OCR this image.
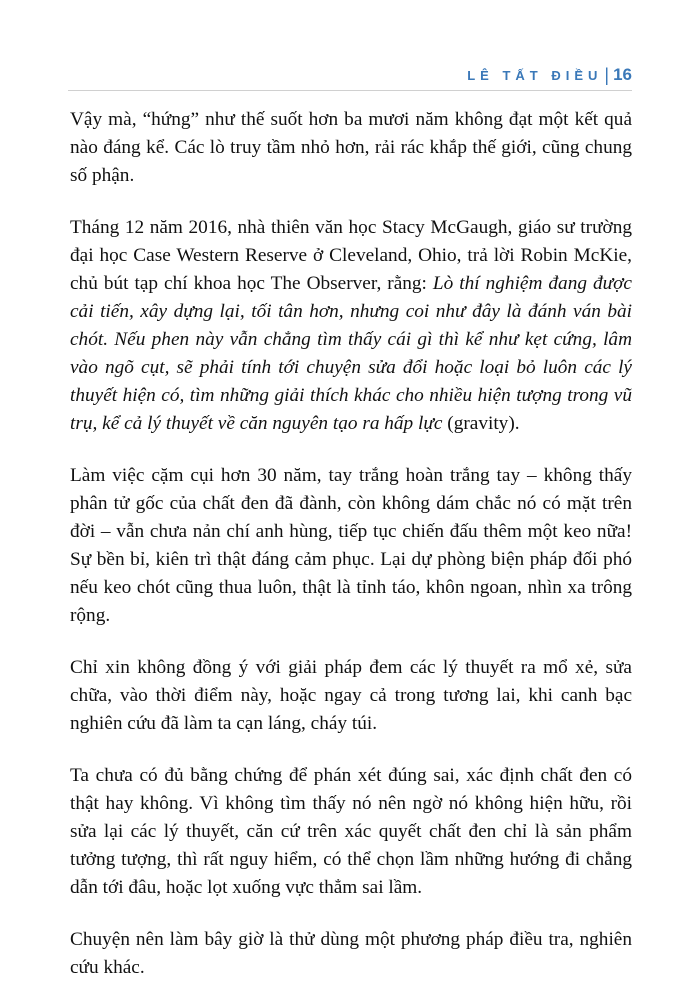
LÊ TẤT ĐIỀU | 16

Vậy mà, “hứng” như thế suốt hơn ba mươi năm không đạt một kết quả nào đáng kể. Các lò truy tầm nhỏ hơn, rải rác khắp thế giới, cũng chung số phận.

Tháng 12 năm 2016, nhà thiên văn học Stacy McGaugh, giáo sư trường đại học Case Western Reserve ở Cleveland, Ohio, trả lời Robin McKie, chủ bút tạp chí khoa học The Observer, rằng: Lò thí nghiệm đang được cải tiến, xây dựng lại, tối tân hơn, nhưng coi như đây là đánh ván bài chót. Nếu phen này vẫn chẳng tìm thấy cái gì thì kể như kẹt cứng, lâm vào ngõ cụt, sẽ phải tính tới chuyện sửa đổi hoặc loại bỏ luôn các lý thuyết hiện có, tìm những giải thích khác cho nhiều hiện tượng trong vũ trụ, kể cả lý thuyết về căn nguyên tạo ra hấp lực (gravity).

Làm việc cặm cụi hơn 30 năm, tay trắng hoàn trắng tay – không thấy phân tử gốc của chất đen đã đành, còn không dám chắc nó có mặt trên đời – vẫn chưa nản chí anh hùng, tiếp tục chiến đấu thêm một keo nữa! Sự bền bỉ, kiên trì thật đáng cảm phục. Lại dự phòng biện pháp đối phó nếu keo chót cũng thua luôn, thật là tỉnh táo, khôn ngoan, nhìn xa trông rộng.

Chỉ xin không đồng ý với giải pháp đem các lý thuyết ra mổ xẻ, sửa chữa, vào thời điểm này, hoặc ngay cả trong tương lai, khi canh bạc nghiên cứu đã làm ta cạn láng, cháy túi.

Ta chưa có đủ bằng chứng để phán xét đúng sai, xác định chất đen có thật hay không. Vì không tìm thấy nó nên ngờ nó không hiện hữu, rồi sửa lại các lý thuyết, căn cứ trên xác quyết chất đen chỉ là sản phẩm tưởng tượng, thì rất nguy hiểm, có thể chọn lầm những hướng đi chẳng dẫn tới đâu, hoặc lọt xuống vực thẳm sai lầm.

Chuyện nên làm bây giờ là thử dùng một phương pháp điều tra, nghiên cứu khác.
